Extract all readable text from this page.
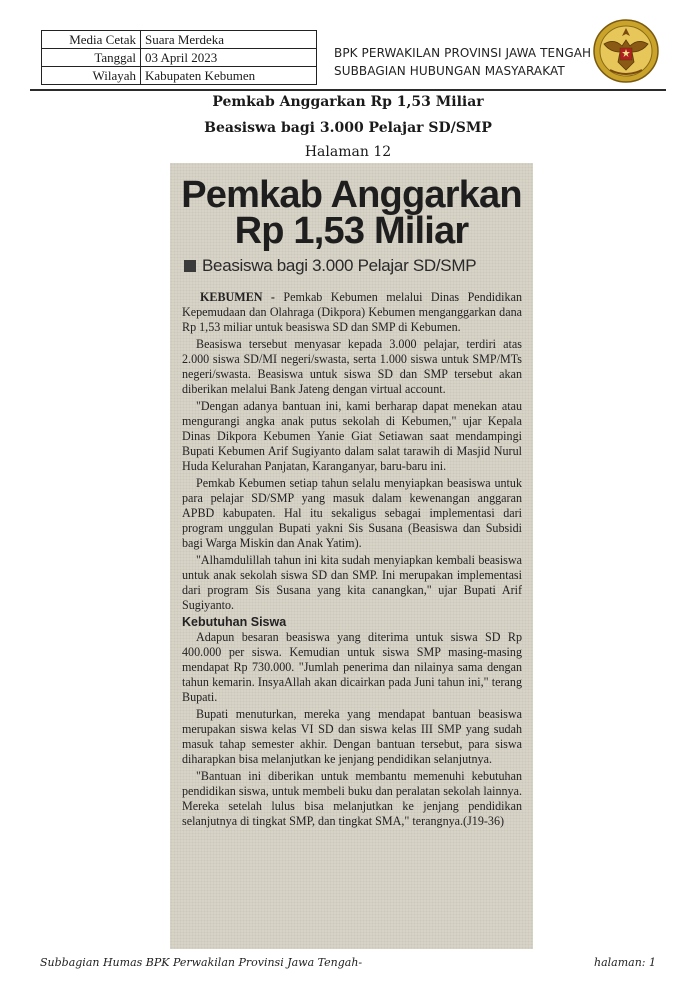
Media Cetak	Suara Merdeka
Tanggal	03 April 2023
Wilayah	Kabupaten Kebumen
BPK PERWAKILAN PROVINSI JAWA TENGAH
SUBBAGIAN HUBUNGAN MASYARAKAT
Pemkab Anggarkan Rp 1,53 Miliar
Beasiswa bagi 3.000 Pelajar SD/SMP
Halaman 12
Pemkab Anggarkan
Rp 1,53 Miliar
Beasiswa bagi 3.000 Pelajar SD/SMP

KEBUMEN - Pemkab Kebumen melalui Dinas Pendidikan Kepemudaan dan Olahraga (Dikpora) Kebumen menganggarkan dana Rp 1,53 miliar untuk beasiswa SD dan SMP di Kebumen.

Beasiswa tersebut menyasar kepada 3.000 pelajar, terdiri atas 2.000 siswa SD/MI negeri/swasta, serta 1.000 siswa untuk SMP/MTs negeri/swasta. Beasiswa untuk siswa SD dan SMP tersebut akan diberikan melalui Bank Jateng dengan virtual account.

"Dengan adanya bantuan ini, kami berharap dapat menekan atau mengurangi angka anak putus sekolah di Kebumen," ujar Kepala Dinas Dikpora Kebumen Yanie Giat Setiawan saat mendampingi Bupati Kebumen Arif Sugiyanto dalam salat tarawih di Masjid Nurul Huda Kelurahan Panjatan, Karanganyar, baru-baru ini.

Pemkab Kebumen setiap tahun selalu menyiapkan beasiswa untuk para pelajar SD/SMP yang masuk dalam kewenangan anggaran APBD kabupaten. Hal itu sekaligus sebagai implementasi dari program unggulan Bupati yakni Sis Susana (Beasiswa dan Subsidi bagi Warga Miskin dan Anak Yatim).

"Alhamdulillah tahun ini kita sudah menyiapkan kembali beasiswa untuk anak sekolah siswa SD dan SMP. Ini merupakan implementasi dari program Sis Susana yang kita canangkan," ujar Bupati Arif Sugiyanto.

Kebutuhan Siswa

Adapun besaran beasiswa yang diterima untuk siswa SD Rp 400.000 per siswa. Kemudian untuk siswa SMP masing-masing mendapat Rp 730.000. "Jumlah penerima dan nilainya sama dengan tahun kemarin. InsyaAllah akan dicairkan pada Juni tahun ini," terang Bupati.

Bupati menuturkan, mereka yang mendapat bantuan beasiswa merupakan siswa kelas VI SD dan siswa kelas III SMP yang sudah masuk tahap semester akhir. Dengan bantuan tersebut, para siswa diharapkan bisa melanjutkan ke jenjang pendidikan selanjutnya.

"Bantuan ini diberikan untuk membantu memenuhi kebutuhan pendidikan siswa, untuk membeli buku dan peralatan sekolah lainnya. Mereka setelah lulus bisa melanjutkan ke jenjang pendidikan selanjutnya di tingkat SMP, dan tingkat SMA," terangnya.(J19-36)

Subbagian Humas BPK Perwakilan Provinsi Jawa Tengah-	halaman: 1
